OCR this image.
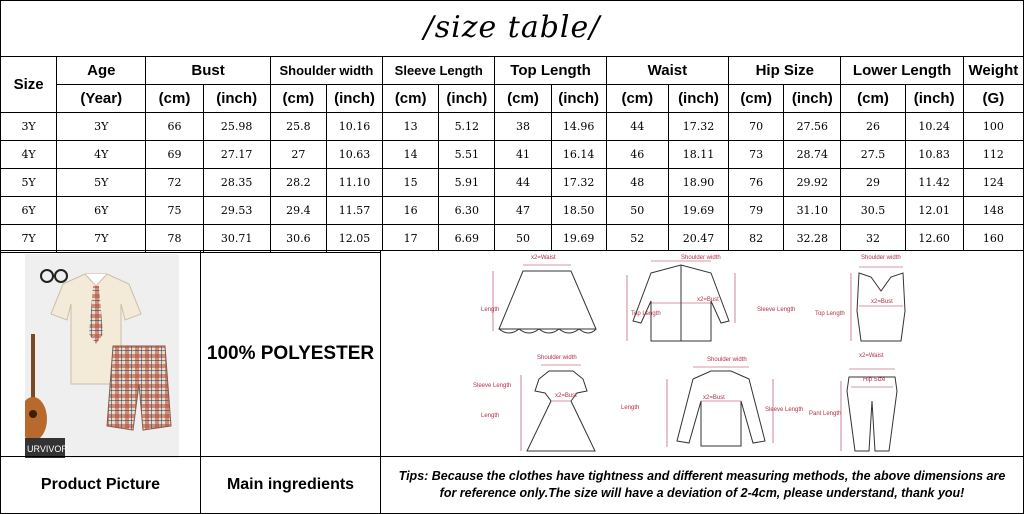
/size table/
Size	Age	Bust		Shoulder width		Sleeve Length		Top Length		Waist		Hip Size		Lower Length		Weight
	(Year)	(cm)	(inch)	(cm)	(inch)	(cm)	(inch)	(cm)	(inch)	(cm)	(inch)	(cm)	(inch)	(cm)	(inch)	(G)
3Y	3Y	66	25.98	25.8	10.16	13	5.12	38	14.96	44	17.32	70	27.56	26	10.24	100
4Y	4Y	69	27.17	27	10.63	14	5.51	41	16.14	46	18.11	73	28.74	27.5	10.83	112
5Y	5Y	72	28.35	28.2	11.10	15	5.91	44	17.32	48	18.90	76	29.92	29	11.42	124
6Y	6Y	75	29.53	29.4	11.57	16	6.30	47	18.50	50	19.69	79	31.10	30.5	12.01	148
7Y	7Y	78	30.71	30.6	12.05	17	6.69	50	19.69	52	20.47	82	32.28	32	12.60	160
URVIVOR
100% POLYESTER
x2=Waist
Length
Shoulder width
Top Length
x2=Bust
Sleeve Length
Shoulder width
Top Length
x2=Bust
Shoulder width
Sleeve Length
Length
x2=Bust
Shoulder width
Length
x2=Bust
Sleeve Length
x2=Waist
Hip Size
Pant Length
Product Picture	Main ingredients	Tips: Because the clothes have tightness and different measuring methods, the above dimensions are
for reference only.The size will have a deviation of 2-4cm, please understand, thank you!
